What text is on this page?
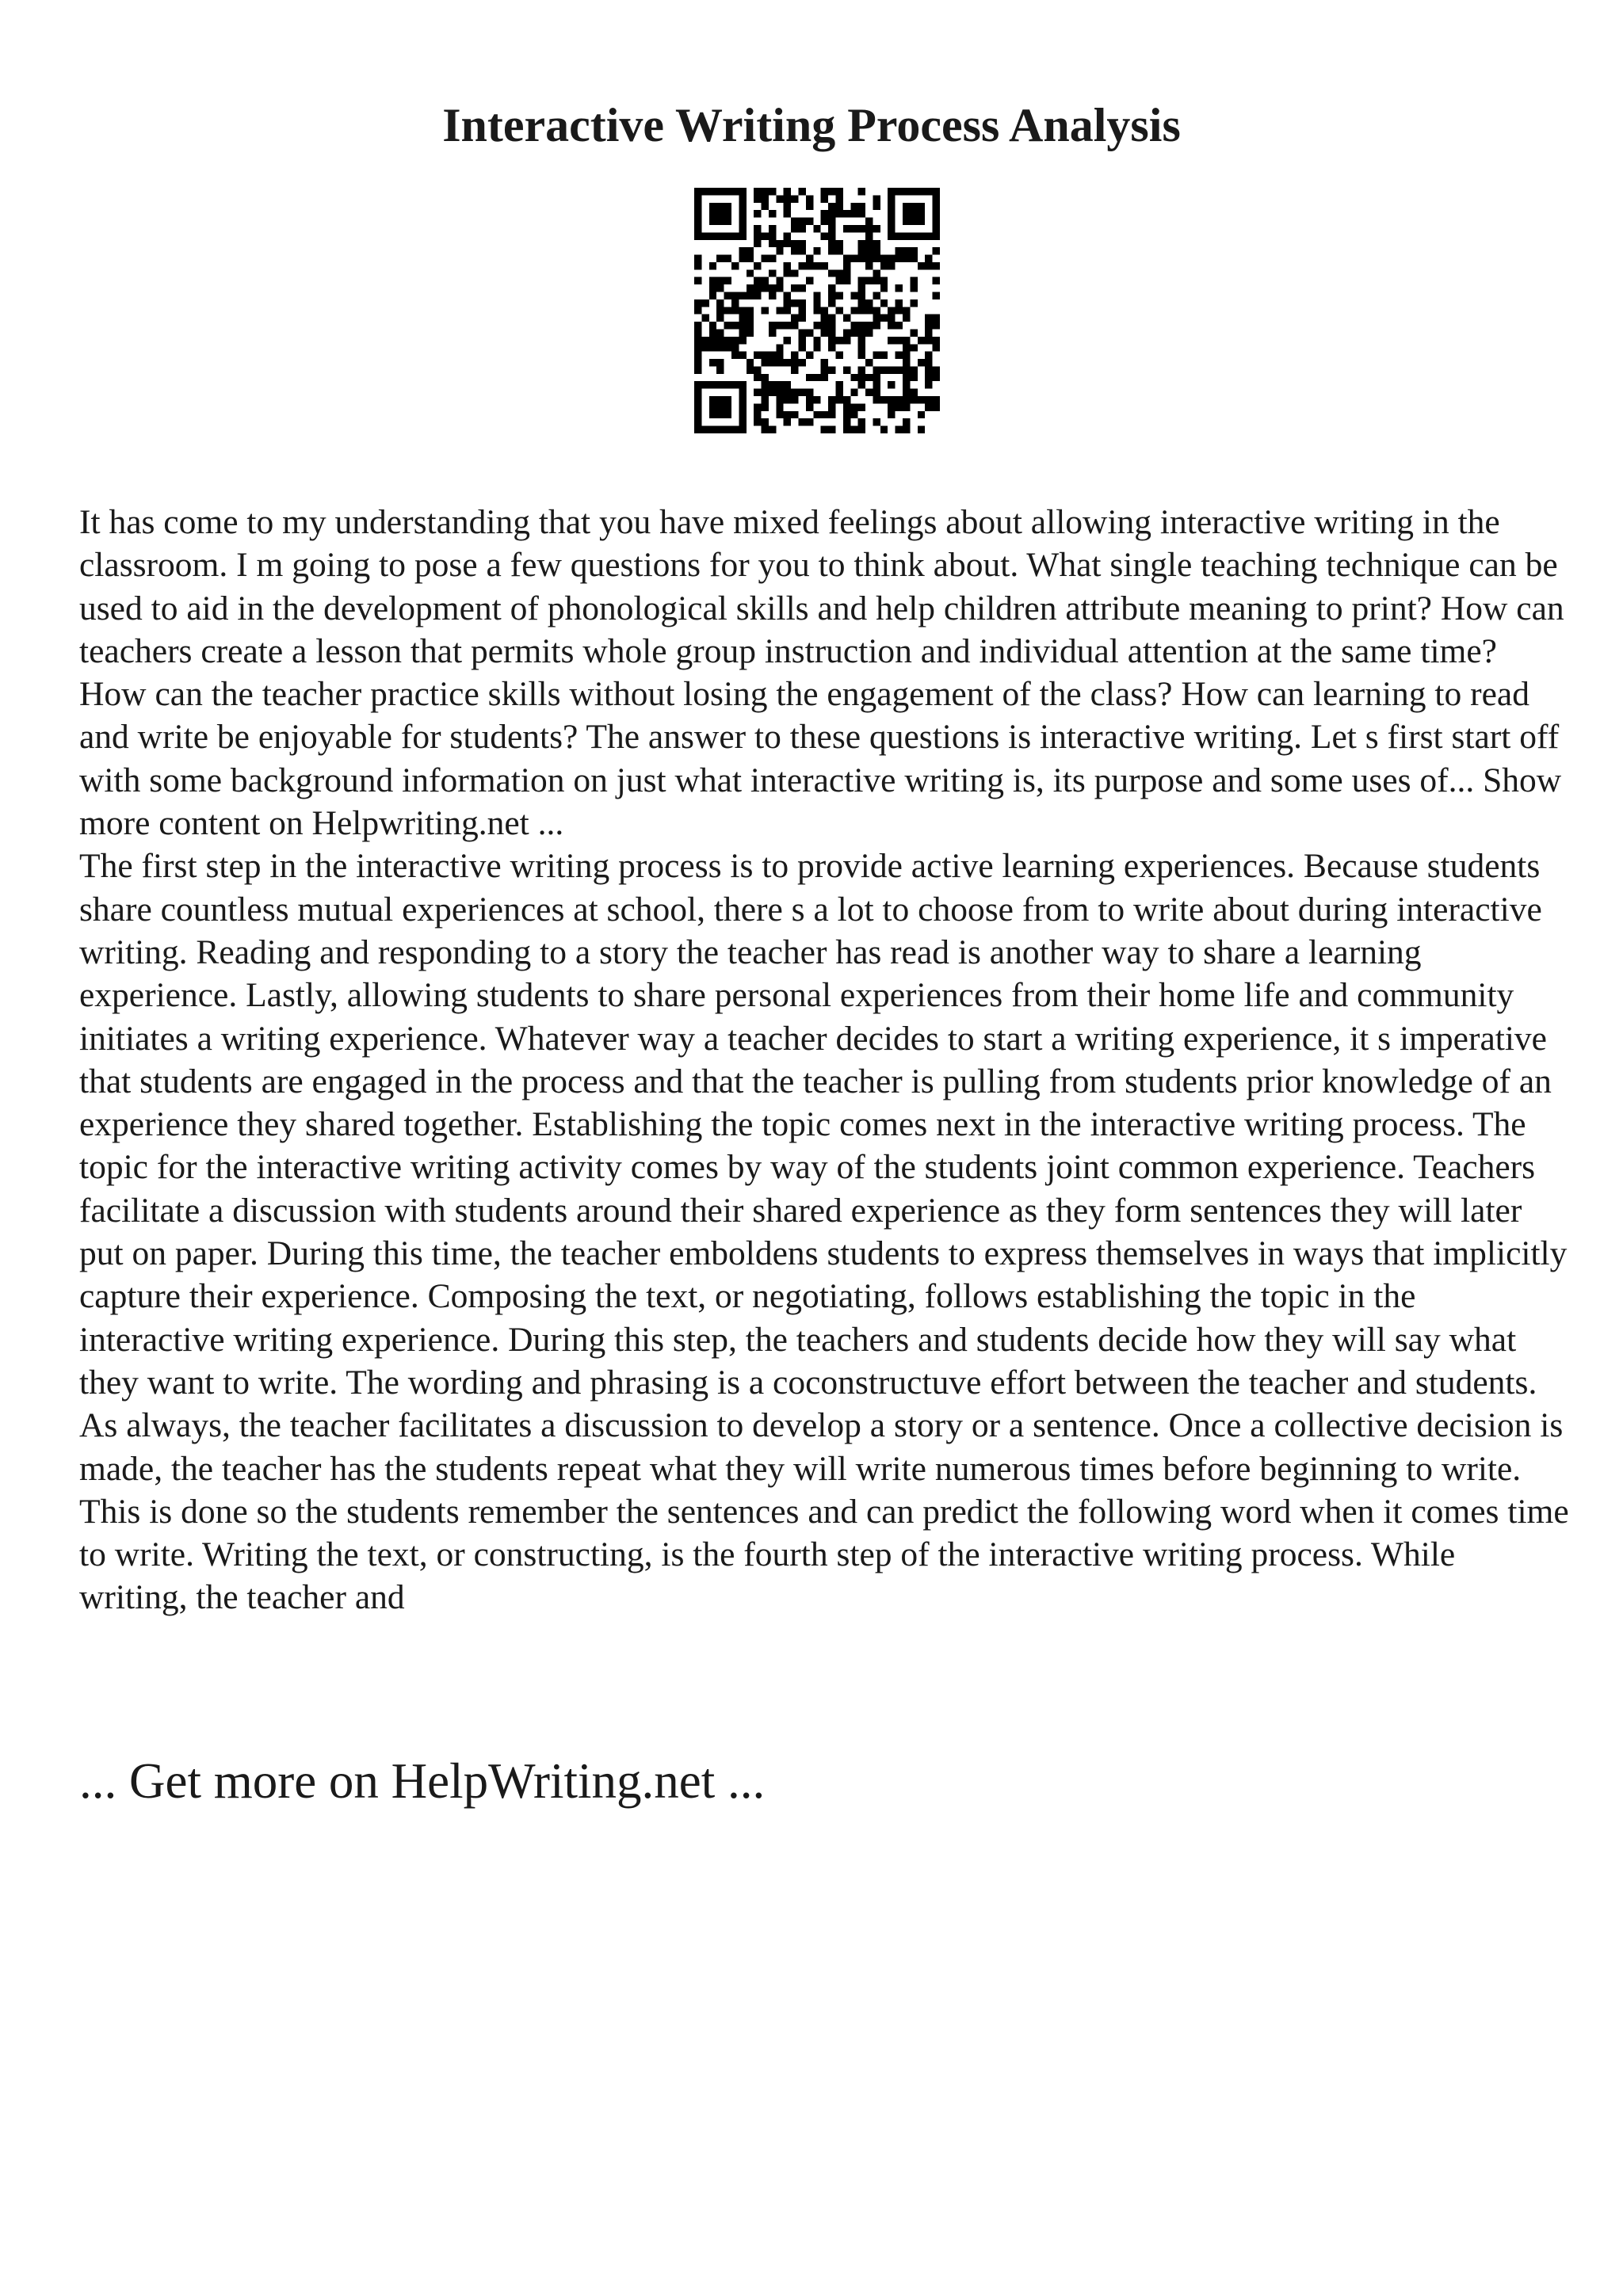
Interactive Writing Process Analysis

It has come to my understanding that you have mixed feelings about allowing interactive writing in the classroom. I m going to pose a few questions for you to think about. What single teaching technique can be used to aid in the development of phonological skills and help children attribute meaning to print? How can teachers create a lesson that permits whole group instruction and individual attention at the same time? How can the teacher practice skills without losing the engagement of the class? How can learning to read and write be enjoyable for students? The answer to these questions is interactive writing. Let s first start off with some background information on just what interactive writing is, its purpose and some uses of... Show more content on Helpwriting.net ...

The first step in the interactive writing process is to provide active learning experiences. Because students share countless mutual experiences at school, there s a lot to choose from to write about during interactive writing. Reading and responding to a story the teacher has read is another way to share a learning experience. Lastly, allowing students to share personal experiences from their home life and community initiates a writing experience. Whatever way a teacher decides to start a writing experience, it s imperative that students are engaged in the process and that the teacher is pulling from students prior knowledge of an experience they shared together. Establishing the topic comes next in the interactive writing process. The topic for the interactive writing activity comes by way of the students joint common experience. Teachers facilitate a discussion with students around their shared experience as they form sentences they will later put on paper. During this time, the teacher emboldens students to express themselves in ways that implicitly capture their experience. Composing the text, or negotiating, follows establishing the topic in the interactive writing experience. During this step, the teachers and students decide how they will say what they want to write. The wording and phrasing is a coconstructuve effort between the teacher and students. As always, the teacher facilitates a discussion to develop a story or a sentence. Once a collective decision is made, the teacher has the students repeat what they will write numerous times before beginning to write. This is done so the students remember the sentences and can predict the following word when it comes time to write. Writing the text, or constructing, is the fourth step of the interactive writing process. While writing, the teacher and

... Get more on HelpWriting.net ...
